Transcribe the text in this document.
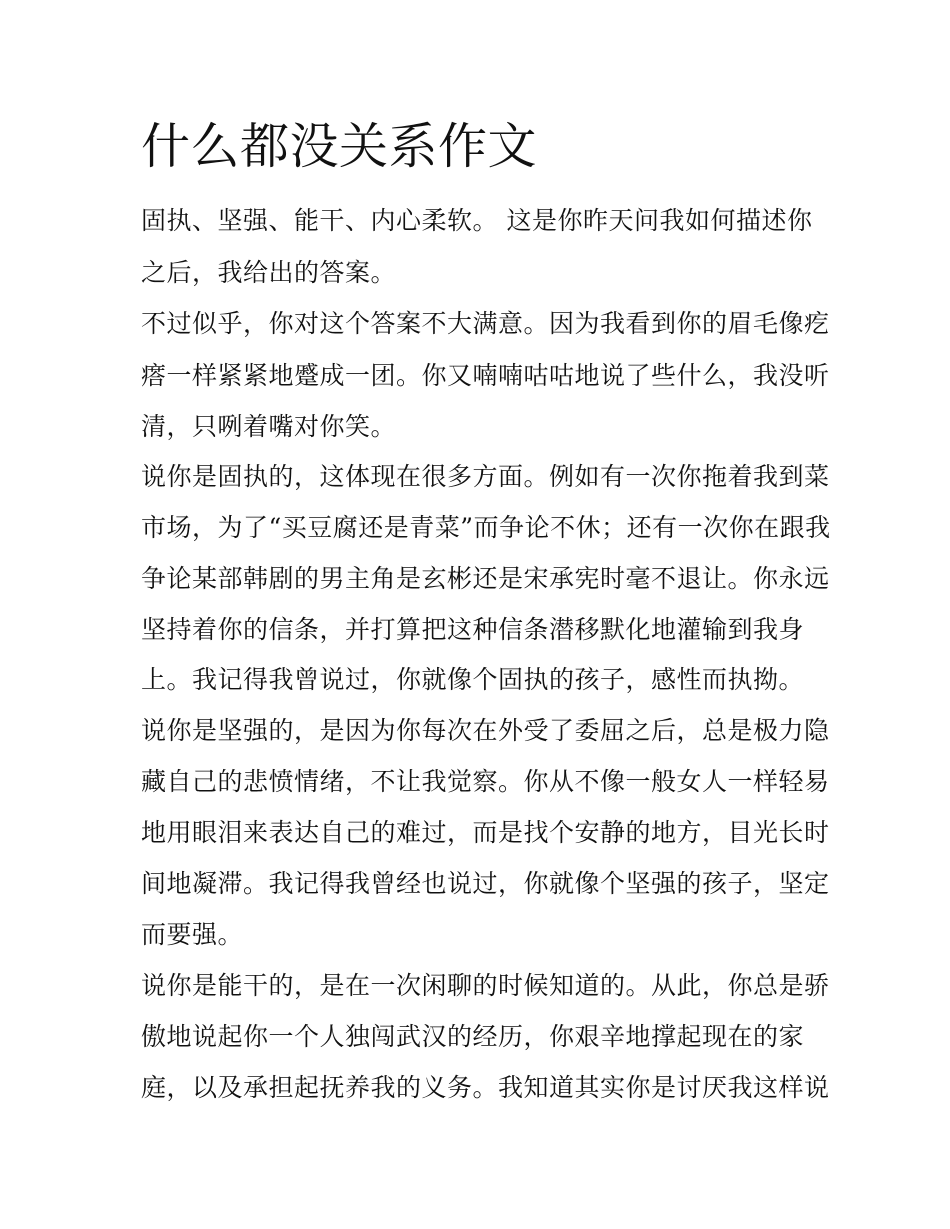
什么都没关系作文

固执、坚强、能干、内心柔软。 这是你昨天问我如何描述你

之后，我给出的答案。

不过似乎，你对这个答案不大满意。因为我看到你的眉毛像疙

瘩一样紧紧地蹙成一团。你又喃喃咕咕地说了些什么，我没听

清，只咧着嘴对你笑。

说你是固执的，这体现在很多方面。例如有一次你拖着我到菜

市场，为了“买豆腐还是青菜”而争论不休；还有一次你在跟我

争论某部韩剧的男主角是玄彬还是宋承宪时毫不退让。你永远

坚持着你的信条，并打算把这种信条潜移默化地灌输到我身

上。我记得我曾说过，你就像个固执的孩子，感性而执拗。

说你是坚强的，是因为你每次在外受了委屈之后，总是极力隐

藏自己的悲愤情绪，不让我觉察。你从不像一般女人一样轻易

地用眼泪来表达自己的难过，而是找个安静的地方，目光长时

间地凝滞。我记得我曾经也说过，你就像个坚强的孩子，坚定

而要强。

说你是能干的，是在一次闲聊的时候知道的。从此，你总是骄

傲地说起你一个人独闯武汉的经历，你艰辛地撑起现在的家

庭，以及承担起抚养我的义务。我知道其实你是讨厌我这样说
